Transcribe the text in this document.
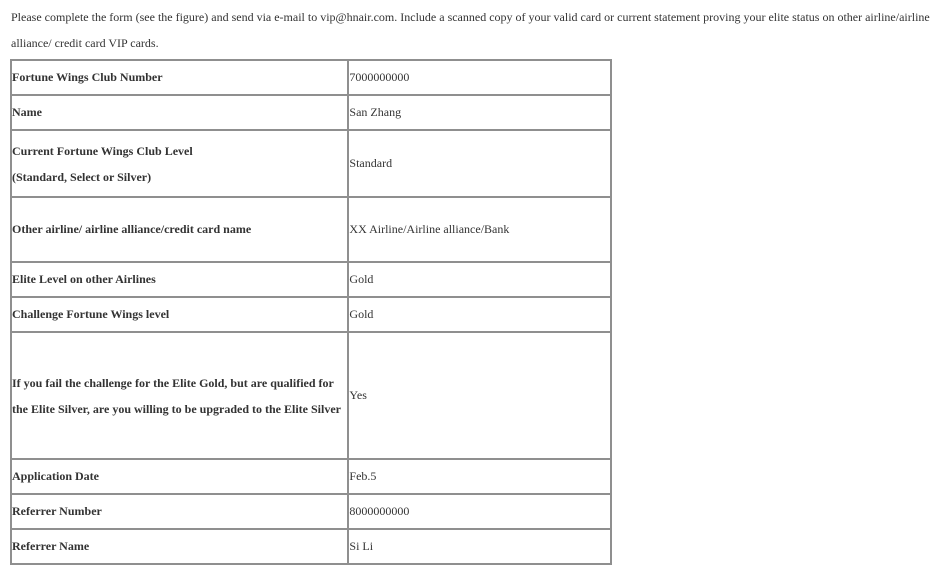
Please complete the form (see the figure) and send via e-mail to vip@hnair.com. Include a scanned copy of your valid card or current statement proving your elite status on other airline/airline alliance/ credit card VIP cards.
Fortune Wings Club Number	7000000000
Name	San Zhang

Current Fortune Wings Club Level
(Standard, Select or Silver)	Standard
Other airline/ airline alliance/credit card name	XX Airline/Airline alliance/Bank
Elite Level on other Airlines	Gold
Challenge Fortune Wings level	Gold

If you fail the challenge for the Elite Gold, but are qualified for
the Elite Silver, are you willing to be upgraded to the Elite Silver	Yes
Application Date	Feb.5
Referrer Number	8000000000
Referrer Name	Si Li
